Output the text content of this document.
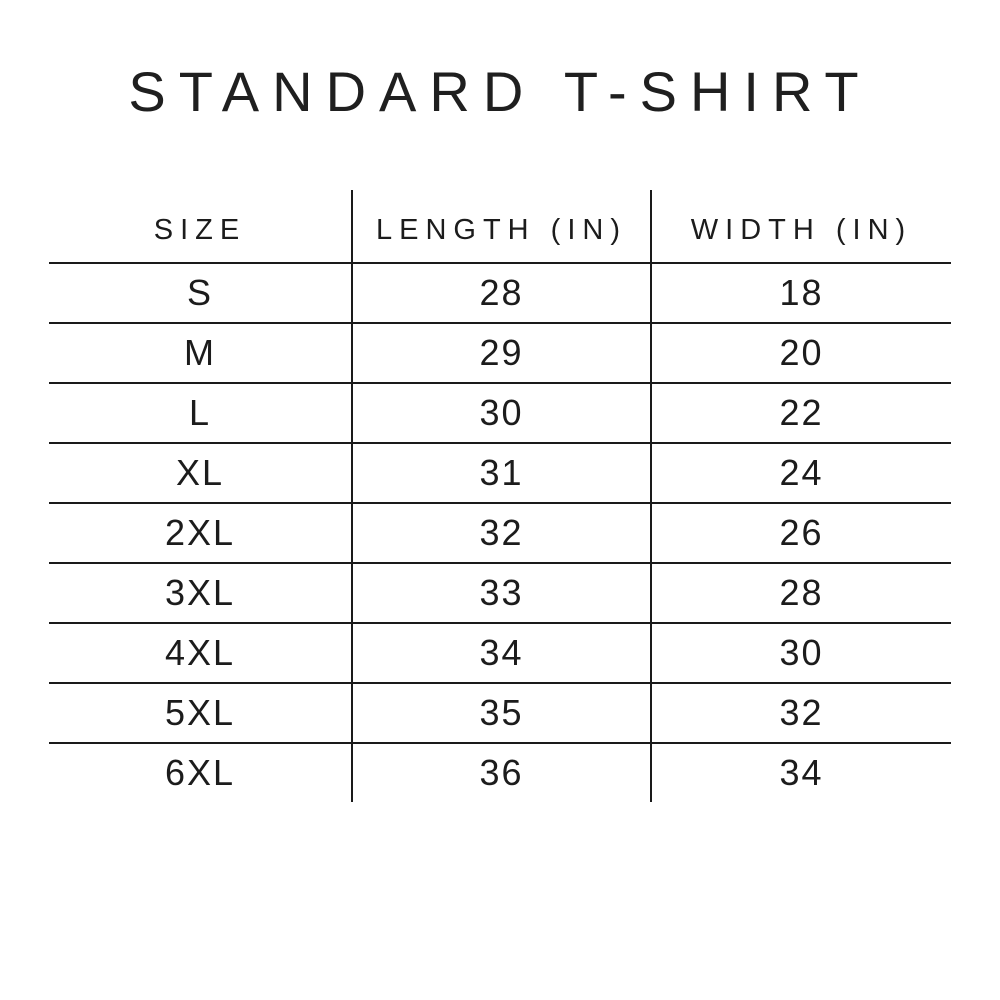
STANDARD T-SHIRT
SIZE	LENGTH (IN)	WIDTH (IN)
S	28	18
M	29	20
L	30	22
XL	31	24
2XL	32	26
3XL	33	28
4XL	34	30
5XL	35	32
6XL	36	34
